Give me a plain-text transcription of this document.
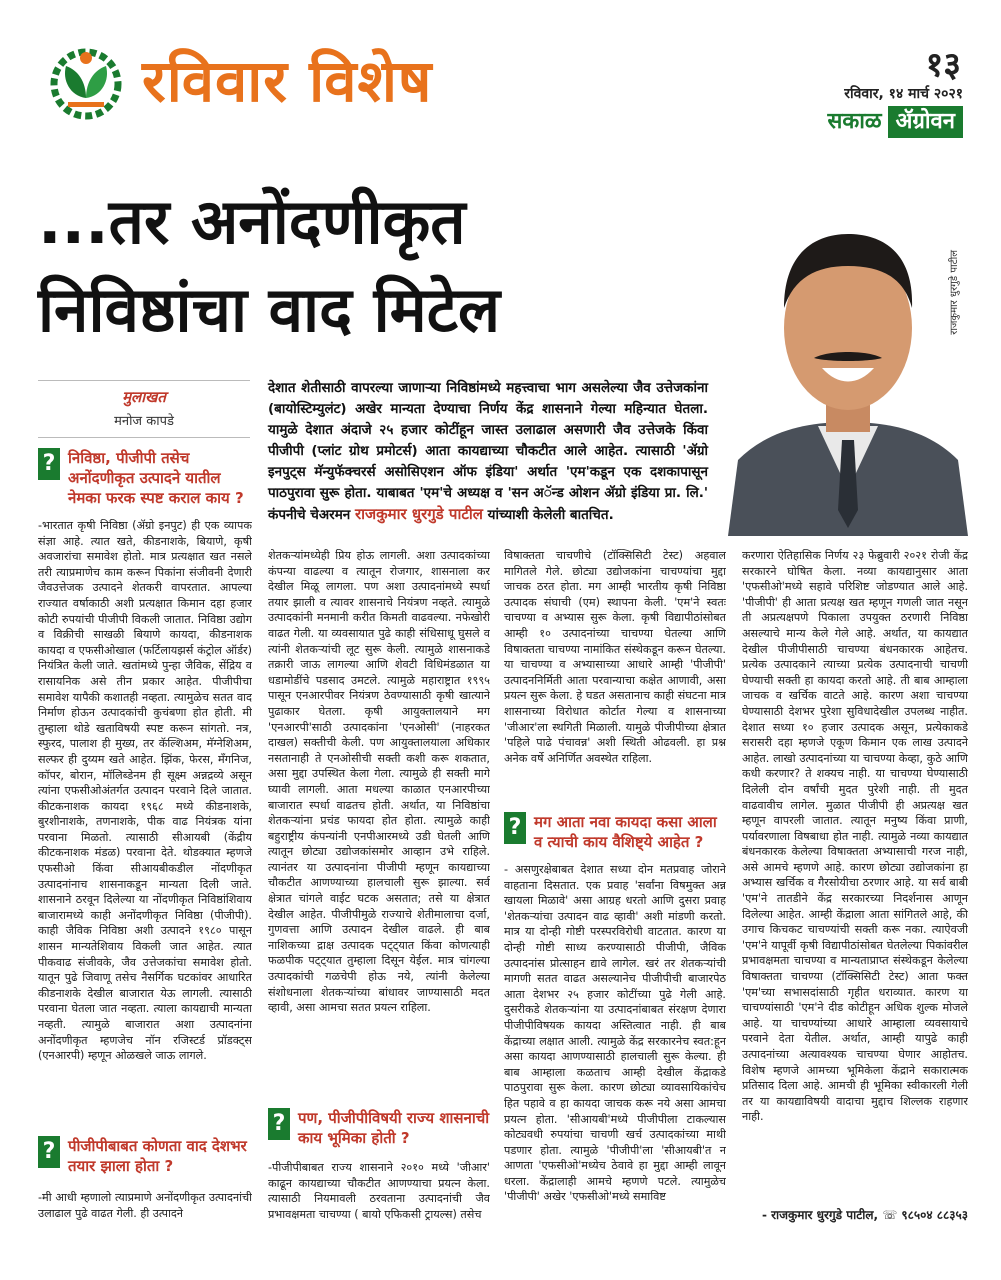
रविवार विशेष	१३
रविवार, १४ मार्च २०२१
सकाळ ॲग्रोवन
...तर अनोंदणीकृत
निविष्ठांचा वाद मिटेल	राजकुमार धुरगुडे पाटील
मुलाखत
मनोज कापडे
देशात शेतीसाठी वापरल्या जाणाऱ्या निविष्ठांमध्ये महत्त्वाचा भाग असलेल्या जैव उत्तेजकांना (बायोस्टिम्युलंट) अखेर मान्यता देण्याचा निर्णय केंद्र शासनाने गेल्या महिन्यात घेतला. यामुळे देशात अंदाजे २५ हजार कोटींहून जास्त उलाढाल असणारी जैव उत्तेजके किंवा पीजीपी (प्लांट ग्रोथ प्रमोटर्स) आता कायद्याच्या चौकटीत आले आहेत. त्यासाठी 'ॲग्रो इनपुट्स मॅन्युफॅक्चरर्स असोसिएशन ऑफ इंडिया' अर्थात 'एम'कडून एक दशकापासून पाठपुरावा सुरू होता. याबाबत 'एम'चे अध्यक्ष व 'सन अॅन्ड ओशन ॲग्रो इंडिया प्रा. लि.' कंपनीचे चेअरमन राजकुमार धुरगुडे पाटील यांच्याशी केलेली बातचित.
? निविष्ठा, पीजीपी तसेच अनोंदणीकृत उत्पादने यातील नेमका फरक स्पष्ट कराल काय ?
-भारतात कृषी निविष्ठा (ॲग्रो इनपुट) ही एक व्यापक संज्ञा आहे. त्यात खते, कीडनाशके, बियाणे, कृषी अवजारांचा समावेश होतो. मात्र प्रत्यक्षात खत नसले तरी त्याप्रमाणेच काम करून पिकांना संजीवनी देणारी जैवउत्तेजक उत्पादने शेतकरी वापरतात. आपल्या राज्यात वर्षाकाठी अशी प्रत्यक्षात किमान दहा हजार कोटी रुपयांची पीजीपी विकली जातात. निविष्ठा उद्योग व विक्रीची साखळी बियाणे कायदा, कीडनाशक कायदा व एफसीओखाल (फर्टिलायझर्स कंट्रोल ऑर्डर) नियंत्रित केली जाते. खतांमध्ये पुन्हा जैविक, सेंद्रिय व रासायनिक असे तीन प्रकार आहेत. पीजीपीचा समावेश यापैकी कशातही नव्हता. त्यामुळेच सतत वाद निर्माण होऊन उत्पादकांची कुचंबणा होत होती. मी तुम्हाला थोडे खताविषयी स्पष्ट करून सांगतो. नत्र, स्फुरद, पालाश ही मुख्य, तर कॅल्शिअम, मॅग्नेशिअम, सल्फर ही दुय्यम खते आहेत. झिंक, फेरस, मॅंगनिज, कॉपर, बोरान, मॉलिब्डेनम ही सूक्ष्म अन्नद्रव्ये असून त्यांना एफसीओअंतर्गत उत्पादन परवाने दिले जातात. कीटकनाशक कायदा १९६८ मध्ये कीडनाशके, बुरशीनाशके, तणनाशके, पीक वाढ नियंत्रक यांना परवाना मिळतो. त्यासाठी सीआयबी (केंद्रीय कीटकनाशक मंडळ) परवाना देते. थोडक्यात म्हणजे एफसीओ किंवा सीआयबीकडील नोंदणीकृत उत्पादनांनाच शासनाकडून मान्यता दिली जाते. शासनाने ठरवून दिलेल्या या नोंदणीकृत निविष्ठांशिवाय बाजारामध्ये काही अनोंदणीकृत निविष्ठा (पीजीपी). काही जैविक निविष्ठा अशी उत्पादने १९८० पासून शासन मान्यतेशिवाय विकली जात आहेत. त्यात पीकवाढ संजीवके, जैव उत्तेजकांचा समावेश होतो. यातून पुढे जिवाणू तसेच नैसर्गिक घटकांवर आधारित कीडनाशके देखील बाजारात येऊ लागली. त्यासाठी परवाना घेतला जात नव्हता. त्याला कायद्याची मान्यता नव्हती. त्यामुळे बाजारात अशा उत्पादनांना अनोंदणीकृत म्हणजेच नॉन रजिस्टर्ड प्रॉडक्ट्स (एनआरपी) म्हणून ओळखले जाऊ लागले.
? पीजीपीबाबत कोणता वाद देशभर तयार झाला होता ?
-मी आधी म्हणालो त्याप्रमाणे अनोंदणीकृत उत्पादनांची उलाढाल पुढे वाढत गेली. ही उत्पादने
शेतकऱ्यांमध्येही प्रिय होऊ लागली. अशा उत्पादकांच्या कंपन्या वाढल्या व त्यातून रोजगार, शासनाला कर देखील मिळू लागला. पण अशा उत्पादनांमध्ये स्पर्धा तयार झाली व त्यावर शासनाचे नियंत्रण नव्हते. त्यामुळे उत्पादकांनी मनमानी करीत किमती वाढवल्या. नफेखोरी वाढत गेली. या व्यवसायात पुढे काही संधिसाधू घुसले व त्यांनी शेतकऱ्यांची लूट सुरू केली. त्यामुळे शासनाकडे तक्रारी जाऊ लागल्या आणि शेवटी विधिमंडळात या धडामोडींचे पडसाद उमटले. त्यामुळे महाराष्ट्रात १९९५ पासून एनआरपीवर नियंत्रण ठेवण्यासाठी कृषी खात्याने पुढाकार घेतला. कृषी आयुक्तालयाने मग 'एनआरपी'साठी उत्पादकांना 'एनओसी' (नाहरकत दाखल) सक्तीची केली. पण आयुक्तालयाला अधिकार नसतानाही ते एनओसीची सक्ती कशी करू शकतात, असा मुद्दा उपस्थित केला गेला. त्यामुळे ही सक्ती मागे घ्यावी लागली. आता मधल्या काळात एनआरपीच्या बाजारात स्पर्धा वाढतच होती. अर्थात, या निविष्ठांचा शेतकऱ्यांना प्रचंड फायदा होत होता. त्यामुळे काही बहुराष्ट्रीय कंपन्यांनी एनपीआरमध्ये उडी घेतली आणि त्यातून छोट्या उद्योजकांसमोर आव्हान उभे राहिले. त्यानंतर या उत्पादनांना पीजीपी म्हणून कायद्याच्या चौकटीत आणण्याच्या हालचाली सुरू झाल्या. सर्व क्षेत्रात चांगले वाईट घटक असतात; तसे या क्षेत्रात देखील आहेत. पीजीपीमुळे राज्याचे शेतीमालाचा दर्जा, गुणवत्ता आणि उत्पादन देखील वाढले. ही बाब नाशिकच्या द्राक्ष उत्पादक पट्ट्यात किंवा कोणत्याही फळपीक पट्ट्यात तुम्हाला दिसून येईल. मात्र चांगल्या उत्पादकांची गळचेपी होऊ नये, त्यांनी केलेल्या संशोधनाला शेतकऱ्यांच्या बांधावर जाण्यासाठी मदत व्हावी, असा आमचा सतत प्रयत्न राहिला.
? पण, पीजीपीविषयी राज्य शासनाची काय भूमिका होती ?
-पीजीपीबाबत राज्य शासनाने २०१० मध्ये 'जीआर' काढून कायद्याच्या चौकटीत आणण्याचा प्रयत्न केला. त्यासाठी नियमावली ठरवताना उत्पादनांची जैव प्रभावक्षमता चाचण्या ( बायो एफिकसी ट्रायल्स) तसेच
विषाक्तता चाचणीचे (टॉक्सिसिटी टेस्ट) अहवाल मागितले गेले. छोट्या उद्योजकांना चाचण्यांचा मुद्दा जाचक ठरत होता. मग आम्ही भारतीय कृषी निविष्ठा उत्पादक संघाची (एम) स्थापना केली. 'एम'ने स्वतः चाचण्या व अभ्यास सुरू केला. कृषी विद्यापीठांसोबत आम्ही १० उत्पादनांच्या चाचण्या घेतल्या आणि विषाक्तता चाचण्या नामांकित संस्थेकडून करून घेतल्या. या चाचण्या व अभ्यासाच्या आधारे आम्ही 'पीजीपी' उत्पादननिर्मिती आता परवान्याचा कक्षेत आणावी, असा प्रयत्न सुरू केला. हे घडत असतानाच काही संघटना मात्र शासनाच्या विरोधात कोर्टात गेल्या व शासनाच्या 'जीआर'ला स्थगिती मिळाली. यामुळे पीजीपीच्या क्षेत्रात 'पहिले पाढे पंचावन्न' अशी स्थिती ओढवली. हा प्रश्न अनेक वर्षे अनिर्णित अवस्थेत राहिला.
? मग आता नवा कायदा कसा आला व त्याची काय वैशिष्ट्ये आहेत ?
- असणुरक्षेबाबत देशात सध्या दोन मतप्रवाह जोराने वाहताना दिसतात. एक प्रवाह 'सर्वांना विषमुक्त अन्न खायला मिळावे' असा आग्रह धरतो आणि दुसरा प्रवाह 'शेतकऱ्यांचा उत्पादन वाढ व्हावी' अशी मांडणी करतो. मात्र या दोन्ही गोष्टी परस्परविरोधी वाटतात. कारण या दोन्ही गोष्टी साध्य करण्यासाठी पीजीपी, जैविक उत्पादनांस प्रोत्साहन द्यावे लागेल. खरं तर शेतकऱ्यांची मागणी सतत वाढत असल्यानेच पीजीपीची बाजारपेठ आता देशभर २५ हजार कोटींच्या पुढे गेली आहे. दुसरीकडे शेतकऱ्यांना या उत्पादनांबाबत संरक्षण देणारा पीजीपीविषयक कायदा अस्तित्वात नाही. ही बाब केंद्राच्या लक्षात आली. त्यामुळे केंद्र सरकारनेच स्वत:हून असा कायदा आणण्यासाठी हालचाली सुरू केल्या. ही बाब आम्हाला कळताच आम्ही देखील केंद्राकडे पाठपुरावा सुरू केला. कारण छोट्या व्यावसायिकांचेच हित पहावे व हा कायदा जाचक करू नये असा आमचा प्रयत्न होता. 'सीआयबी'मध्ये पीजीपीला टाकल्यास कोट्यवधी रुपयांचा चाचणी खर्च उत्पादकांच्या माथी पडणार होता. त्यामुळे 'पीजीपी'ला 'सीआयबी'त न आणता 'एफसीओ'मध्येच ठेवावे हा मुद्दा आम्ही लावून धरला. केंद्रालाही आमचे म्हणणे पटले. त्यामुळेच 'पीजीपी' अखेर 'एफसीओ'मध्ये समाविष्ट
करणारा ऐतिहासिक निर्णय २३ फेब्रुवारी २०२१ रोजी केंद्र सरकारने घोषित केला. नव्या कायद्यानुसार आता 'एफसीओ'मध्ये सहावे परिशिष्ट जोडण्यात आले आहे. 'पीजीपी' ही आता प्रत्यक्ष खत म्हणून गणली जात नसून ती अप्रत्यक्षपणे पिकाला उपयुक्त ठरणारी निविष्ठा असल्याचे मान्य केले गेले आहे. अर्थात, या कायद्यात देखील पीजीपीसाठी चाचण्या बंधनकारक आहेतच. प्रत्येक उत्पादकाने त्याच्या प्रत्येक उत्पादनाची चाचणी घेण्याची सक्ती हा कायदा करतो आहे. ती बाब आम्हाला जाचक व खर्चिक वाटते आहे. कारण अशा चाचण्या घेण्यासाठी देशभर पुरेशा सुविधादेखील उपलब्ध नाहीत. देशात सध्या १० हजार उत्पादक असून, प्रत्येकाकडे सरासरी दहा म्हणजे एकूण किमान एक लाख उत्पादने आहेत. लाखो उत्पादनांच्या या चाचण्या केव्हा, कुठे आणि कधी करणार? ते शक्यच नाही. या चाचण्या घेण्यासाठी दिलेली दोन वर्षांची मुदत पुरेशी नाही. ती मुदत वाढवावीच लागेल. मुळात पीजीपी ही अप्रत्यक्ष खत म्हणून वापरली जातात. त्यातून मनुष्य किंवा प्राणी, पर्यावरणाला विषबाधा होत नाही. त्यामुळे नव्या कायद्यात बंधनकारक केलेल्या विषाक्तता अभ्यासाची गरज नाही, असे आमचे म्हणणे आहे. कारण छोट्या उद्योजकांना हा अभ्यास खर्चिक व गैरसोयीचा ठरणार आहे. या सर्व बाबी 'एम'ने तातडीने केंद्र सरकारच्या निदर्शनास आणून दिलेल्या आहेत. आम्ही केंद्राला आता सांगितले आहे, की उगाच किचकट चाचण्यांची सक्ती करू नका. त्याऐवजी 'एम'ने यापूर्वी कृषी विद्यापीठांसोबत घेतलेल्या पिकांवरील प्रभावक्षमता चाचण्या व मान्यताप्राप्त संस्थेकडून केलेल्या विषाक्तता चाचण्या (टॉक्सिसिटी टेस्ट) आता फक्त 'एम'च्या सभासदांसाठी गृहीत धराव्यात. कारण या चाचण्यांसाठी 'एम'ने दीड कोटीहून अधिक शुल्क मोजले आहे. या चाचण्यांच्या आधारे आम्हाला व्यवसायाचे परवाने देता येतील. अर्थात, आम्ही यापुढे काही उत्पादनांच्या अत्यावश्यक चाचण्या घेणार आहोतच. विशेष म्हणजे आमच्या भूमिकेला केंद्राने सकारात्मक प्रतिसाद दिला आहे. आमची ही भूमिका स्वीकारली गेली तर या कायद्याविषयी वादाचा मुद्दाच शिल्लक राहणार नाही.
- राजकुमार धुरगुडे पाटील, ☏ ९८५०४ ८८३५३
